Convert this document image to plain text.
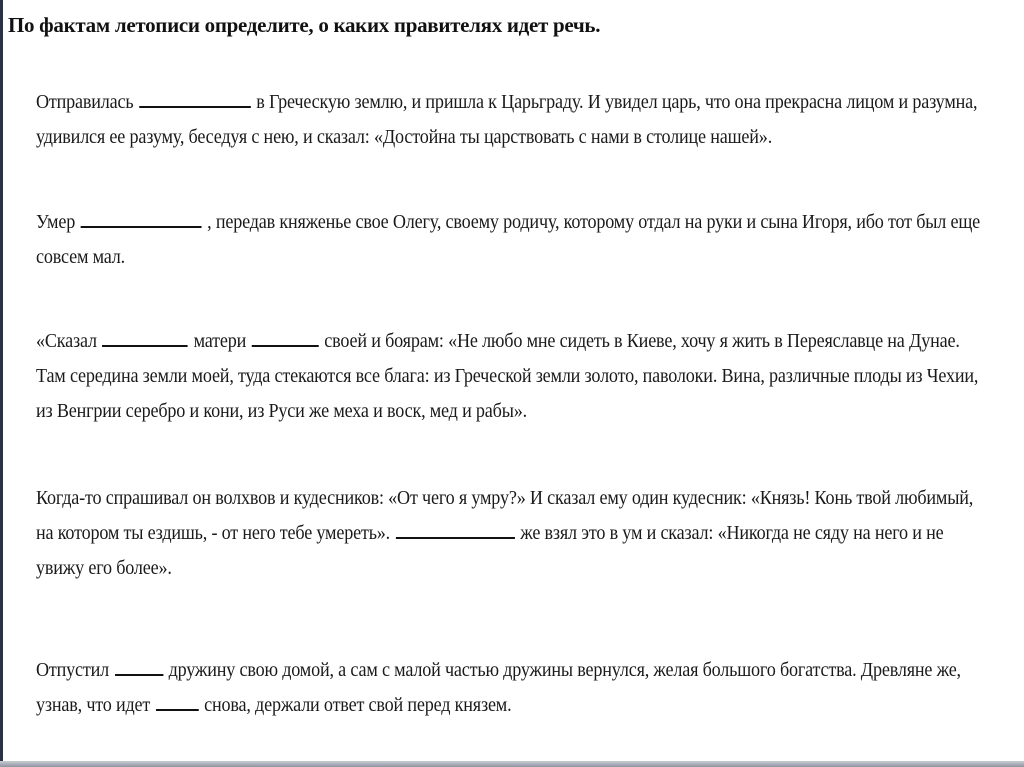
По фактам летописи определите, о каких правителях идет речь.
Отправилась	в Греческую землю, и пришла к Царьграду. И увидел царь, что она прекрасна лицом и разумна,
удивился ее разуму, беседуя с нею, и сказал: «Достойна ты царствовать с нами в столице нашей».
Умер	, передав княженье свое Олегу, своему родичу, которому отдал на руки и сына Игоря, ибо тот был еще
совсем мал.
«Сказал	матери	своей и боярам: «Не любо мне сидеть в Киеве, хочу я жить в Переяславце на Дунае.
Там середина земли моей, туда стекаются все блага: из Греческой земли золото, паволоки. Вина, различные плоды из Чехии,
из Венгрии серебро и кони, из Руси же меха и воск, мед и рабы».
Когда-то спрашивал он волхвов и кудесников: «От чего я умру?» И сказал ему один кудесник: «Князь! Конь твой любимый,
на котором ты ездишь, - от него тебе умереть».	же взял это в ум и сказал: «Никогда не сяду на него и не
увижу его более».
Отпустил	дружину свою домой, а сам с малой частью дружины вернулся, желая большого богатства. Древляне же,
узнав, что идет	снова, держали ответ свой перед князем.
